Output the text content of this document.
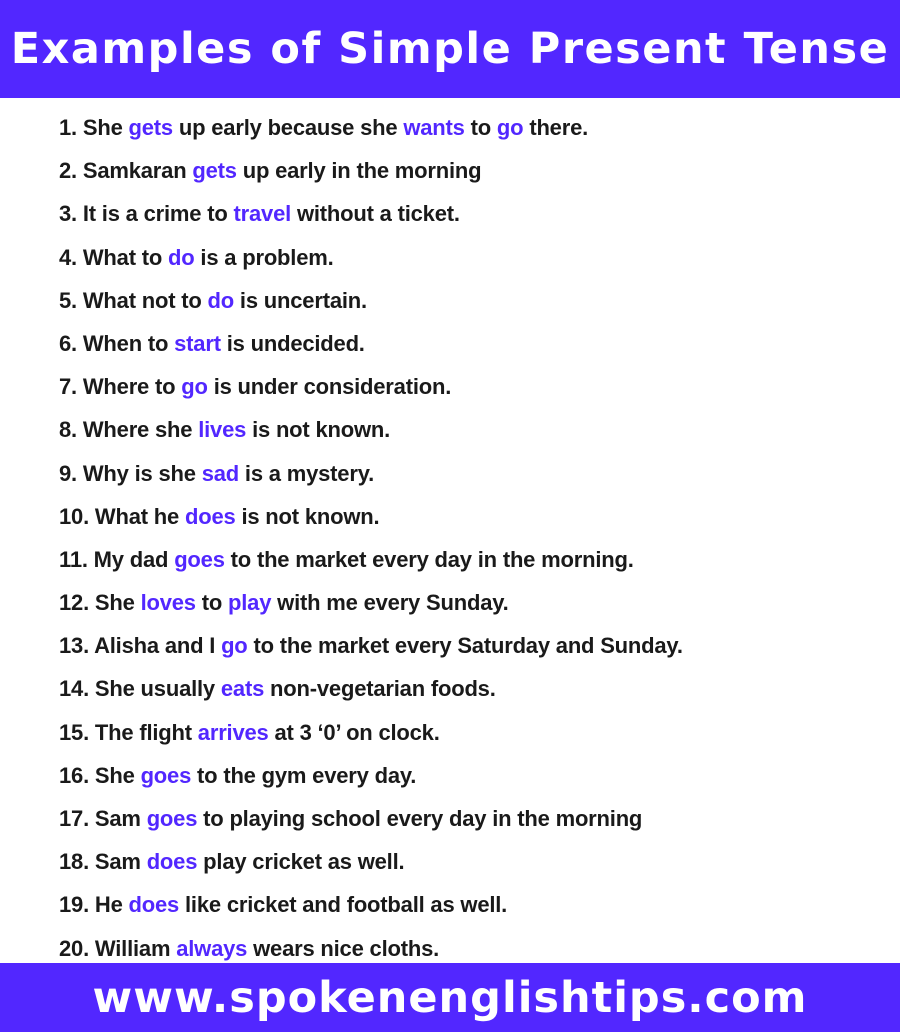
Examples of Simple Present Tense
1. She gets up early because she wants to go there.
2. Samkaran gets up early in the morning
3. It is a crime to travel without a ticket.
4. What to do is a problem.
5. What not to do is uncertain.
6. When to start is undecided.
7. Where to go is under consideration.
8. Where she lives is not known.
9. Why is she sad is a mystery.
10. What he does is not known.
11. My dad goes to the market every day in the morning.
12. She loves to play with me every Sunday.
13. Alisha and I go to the market every Saturday and Sunday.
14. She usually eats non-vegetarian foods.
15. The flight arrives at 3 ‘0’ on clock.
16. She goes to the gym every day.
17. Sam goes to playing school every day in the morning
18. Sam does play cricket as well.
19. He does like cricket and football as well.
20. William always wears nice cloths.
www.spokenenglishtips.com
